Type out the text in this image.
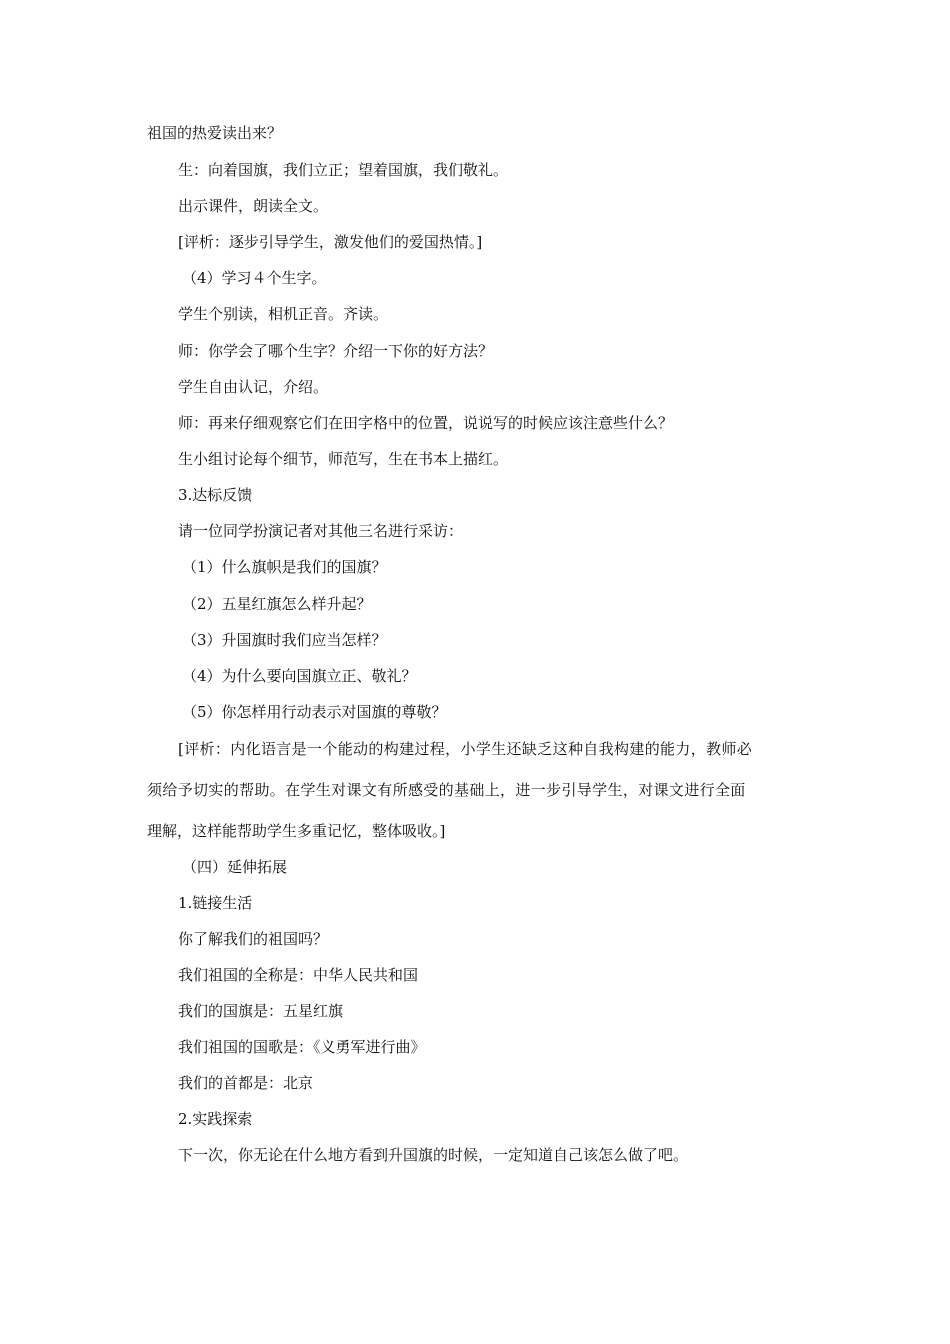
祖国的热爱读出来？
生：向着国旗，我们立正；望着国旗，我们敬礼。
出示课件，朗读全文。
[评析：逐步引导学生，激发他们的爱国热情。]
（4）学习４个生字。
学生个别读，相机正音。齐读。
师：你学会了哪个生字？介绍一下你的好方法？
学生自由认记，介绍。
师：再来仔细观察它们在田字格中的位置，说说写的时候应该注意些什么？
生小组讨论每个细节，师范写，生在书本上描红。
3.达标反馈
请一位同学扮演记者对其他三名进行采访：
（1）什么旗帜是我们的国旗？
（2）五星红旗怎么样升起？
（3）升国旗时我们应当怎样？
（4）为什么要向国旗立正、敬礼？
（5）你怎样用行动表示对国旗的尊敬？
[评析：内化语言是一个能动的构建过程，小学生还缺乏这种自我构建的能力，教师必
须给予切实的帮助。在学生对课文有所感受的基础上，进一步引导学生，对课文进行全面
理解，这样能帮助学生多重记忆，整体吸收。]
（四）延伸拓展
1.链接生活
你了解我们的祖国吗？
我们祖国的全称是：中华人民共和国
我们的国旗是：五星红旗
我们祖国的国歌是：《义勇军进行曲》
我们的首都是：北京
2.实践探索
下一次，你无论在什么地方看到升国旗的时候，一定知道自己该怎么做了吧。
